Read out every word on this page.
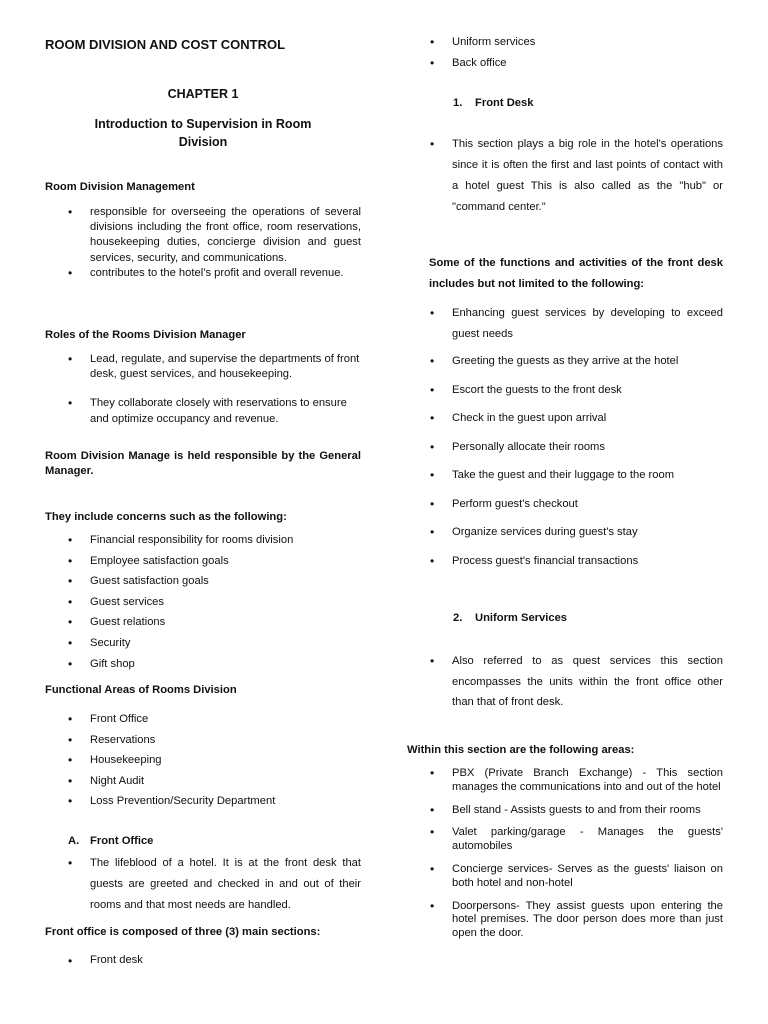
ROOM DIVISION AND COST CONTROL
CHAPTER 1
Introduction to Supervision in Room
Division
Room Division Management
• responsible for overseeing the operations of several divisions including the front office, room reservations, housekeeping duties, concierge division and guest services, security, and communications.
• contributes to the hotel’s profit and overall revenue.
Roles of the Rooms Division Manager
• Lead, regulate, and supervise the departments of front desk, guest services, and housekeeping.
• They collaborate closely with reservations to ensure and optimize occupancy and revenue.
Room Division Manage is held responsible by the General Manager.
They include concerns such as the following:
• Financial responsibility for rooms division
• Employee satisfaction goals
• Guest satisfaction goals
• Guest services
• Guest relations
• Security
• Gift shop
Functional Areas of Rooms Division
• Front Office
• Reservations
• Housekeeping
• Night Audit
• Loss Prevention/Security Department
A. Front Office
• The lifeblood of a hotel. It is at the front desk that guests are greeted and checked in and out of their rooms and that most needs are handled.
Front office is composed of three (3) main sections:
• Front desk
• Uniform services
• Back office
1. Front Desk
• This section plays a big role in the hotel's operations since it is often the first and last points of contact with a hotel guest This is also called as the "hub" or "command center."
Some of the functions and activities of the front desk includes but not limited to the following:
• Enhancing guest services by developing to exceed guest needs
• Greeting the guests as they arrive at the hotel
• Escort the guests to the front desk
• Check in the guest upon arrival
• Personally allocate their rooms
• Take the guest and their luggage to the room
• Perform guest's checkout
• Organize services during guest's stay
• Process guest's financial transactions
2. Uniform Services
• Also referred to as quest services this section encompasses the units within the front office other than that of front desk.
Within this section are the following areas:
• PBX (Private Branch Exchange) - This section manages the communications into and out of the hotel
• Bell stand - Assists guests to and from their rooms
• Valet parking/garage - Manages the guests' automobiles
• Concierge services- Serves as the guests' liaison on both hotel and non-hotel
• Doorpersons- They assist guests upon entering the hotel premises. The door person does more than just open the door.
